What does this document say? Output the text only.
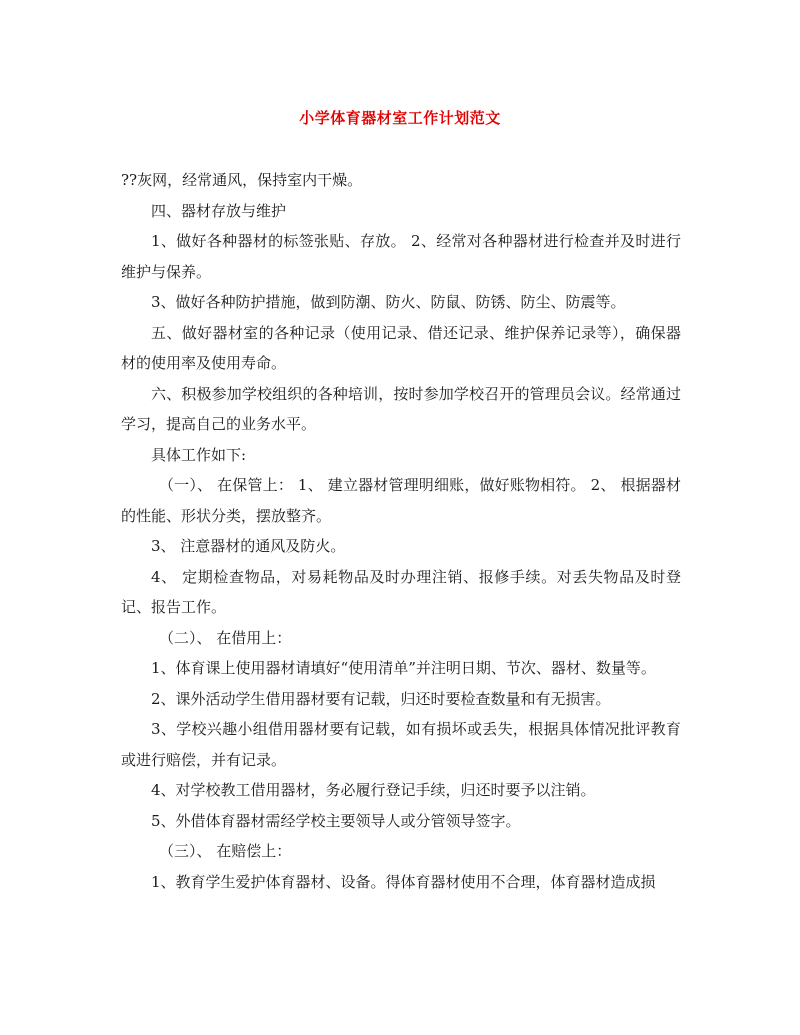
小学体育器材室工作计划范文

??灰网，经常通风，保持室内干燥。

四、器材存放与维护

1、做好各种器材的标签张贴、存放。 2、经常对各种器材进行检查并及时进行维护与保养。

3、做好各种防护措施，做到防潮、防火、防鼠、防锈、防尘、防震等。

五、做好器材室的各种记录（使用记录、借还记录、维护保养记录等），确保器材的使用率及使用寿命。

六、积极参加学校组织的各种培训，按时参加学校召开的管理员会议。经常通过学习，提高自己的业务水平。

具体工作如下:

（一）、 在保管上： 1、 建立器材管理明细账，做好账物相符。 2、 根据器材的性能、形状分类，摆放整齐。

3、 注意器材的通风及防火。

4、 定期检查物品，对易耗物品及时办理注销、报修手续。对丢失物品及时登记、报告工作。

（二）、 在借用上：

1、体育课上使用器材请填好“使用清单”并注明日期、节次、器材、数量等。

2、课外活动学生借用器材要有记载，归还时要检查数量和有无损害。

3、学校兴趣小组借用器材要有记载，如有损坏或丢失，根据具体情况批评教育或进行赔偿，并有记录。

4、对学校教工借用器材，务必履行登记手续，归还时要予以注销。

5、外借体育器材需经学校主要领导人或分管领导签字。

（三）、 在赔偿上：

1、教育学生爱护体育器材、设备。得体育器材使用不合理，体育器材造成损
